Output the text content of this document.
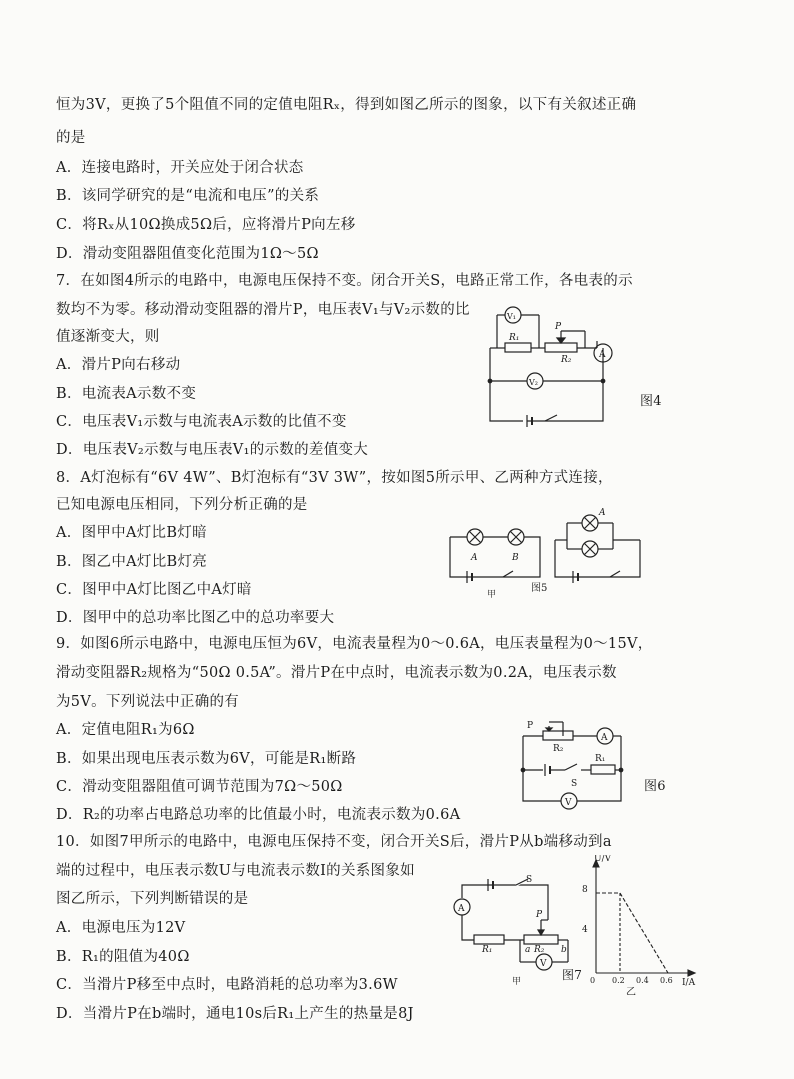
恒为3V，更换了5个阻值不同的定值电阻Rₓ，得到如图乙所示的图象，以下有关叙述正确
的是
A．连接电路时，开关应处于闭合状态
B．该同学研究的是“电流和电压”的关系
C．将Rₓ从10Ω换成5Ω后，应将滑片P向左移
D．滑动变阻器阻值变化范围为1Ω～5Ω
7．在如图4所示的电路中，电源电压保持不变。闭合开关S，电路正常工作，各电表的示
数均不为零。移动滑动变阻器的滑片P，电压表V₁与V₂示数的比
值逐渐变大，则
A．滑片P向右移动
B．电流表A示数不变
C．电压表V₁示数与电流表A示数的比值不变
D．电压表V₂示数与电压表V₁的示数的差值变大
V₁
V₂
A
R₁
R₂
P
图4
8．A灯泡标有“6V 4W”、B灯泡标有“3V 3W”，按如图5所示甲、乙两种方式连接，
已知电源电压相同，下列分析正确的是
A．图甲中A灯比B灯暗
B．图乙中A灯比B灯亮
C．图甲中A灯比图乙中A灯暗
D．图甲中的总功率比图乙中的总功率要大
A	B
A
甲
图5
9．如图6所示电路中，电源电压恒为6V，电流表量程为0～0.6A，电压表量程为0～15V，
滑动变阻器R₂规格为“50Ω 0.5A”。滑片P在中点时，电流表示数为0.2A，电压表示数
为5V。下列说法中正确的有
A．定值电阻R₁为6Ω
B．如果出现电压表示数为6V，可能是R₁断路
C．滑动变阻器阻值可调节范围为7Ω～50Ω
D．R₂的功率占电路总功率的比值最小时，电流表示数为0.6A
P
R₂
A
S
R₁
V
图6
10．如图7甲所示的电路中，电源电压保持不变，闭合开关S后，滑片P从b端移动到a
端的过程中，电压表示数U与电流表示数I的关系图象如
图乙所示，下列判断错误的是
A．电源电压为12V
B．R₁的阻值为40Ω
C．当滑片P移至中点时，电路消耗的总功率为3.6W
D．当滑片P在b端时，通电10s后R₁上产生的热量是8J
A
S
R₁	R₂
P
a	b
V
甲	图7
U/V
I/A
8
4
0 0.2 0.4 0.6
乙
